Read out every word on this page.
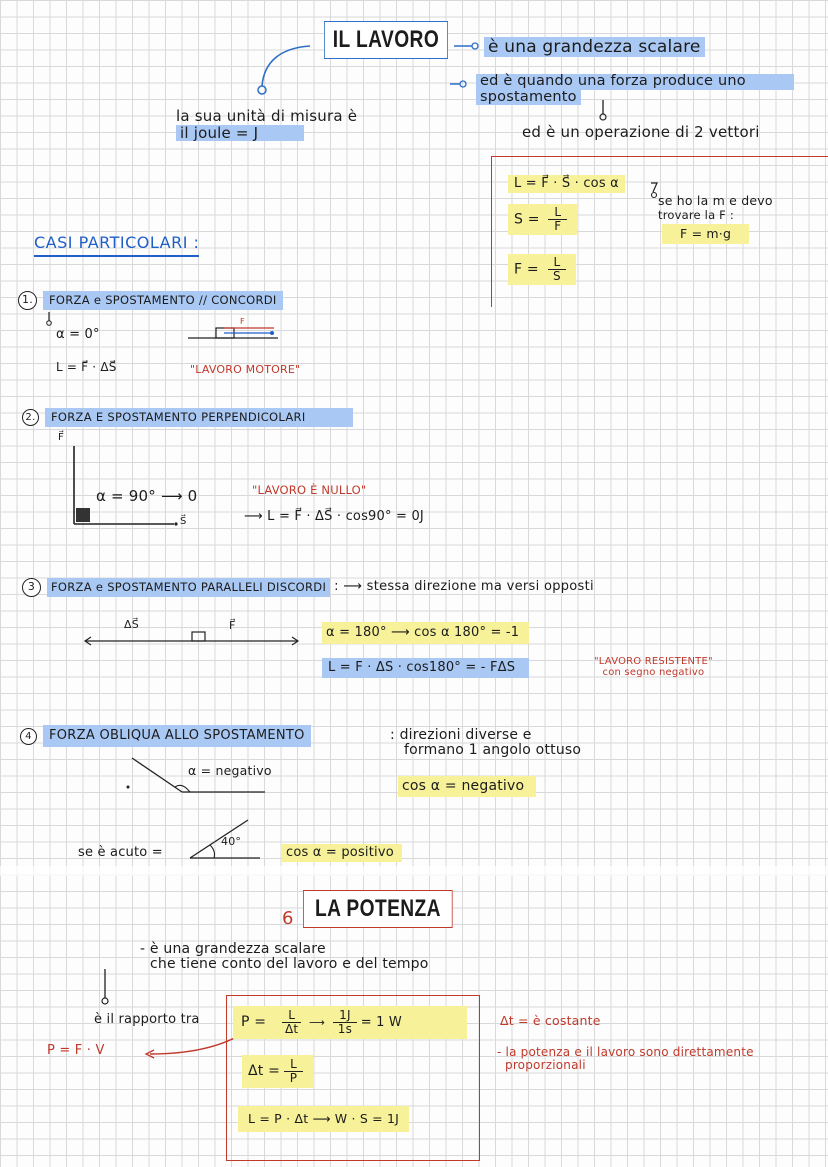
IL LAVORO	è una grandezza scalare
ed è quando una forza produce uno
spostamento
ed è un operazione di 2 vettori
la sua unità di misura è
il joule = J
L = F⃗ · S⃗ · cos α
$S = \frac{L}{F}$
$F = \frac{L}{S}$
se ho la m e devo
trovare la F :
F = m·g
CASI PARTICOLARI :
1.	FORZA e SPOSTAMENTO // CONCORDI
α = 0°
L = F⃗ · ΔS⃗
F
"LAVORO MOTORE"
2.	FORZA E SPOSTAMENTO PERPENDICOLARI
F⃗
S⃗
α = 90° ⟶ 0	"LAVORO È NULLO"
⟶ L = F⃗ · ΔS⃗ · cos90° = 0J
3	FORZA e SPOSTAMENTO PARALLELI DISCORDI : ⟶ stessa direzione ma versi opposti
ΔS⃗	F⃗	α = 180° ⟶ cos α 180° = -1
L = F · ΔS · cos180° = - FΔS	"LAVORO RESISTENTE"
con segno negativo
4	FORZA OBLIQUA ALLO SPOSTAMENTO	: direzioni diverse e
formano 1 angolo ottuso
α = negativo
cos α = negativo
se è acuto =
40°
cos α = positivo
6 LA POTENZA
- è una grandezza scalare
che tiene conto del lavoro e del tempo
è il rapporto tra
P = F · V
$P = \frac{L}{\Delta t}$ ⟶ $\frac{1J}{1s} = 1$ W
$\Delta t = \frac{L}{P}$
L = P · Δt ⟶ W · S = 1J
Δt = è costante
- la potenza e il lavoro sono direttamente
proporzionali
